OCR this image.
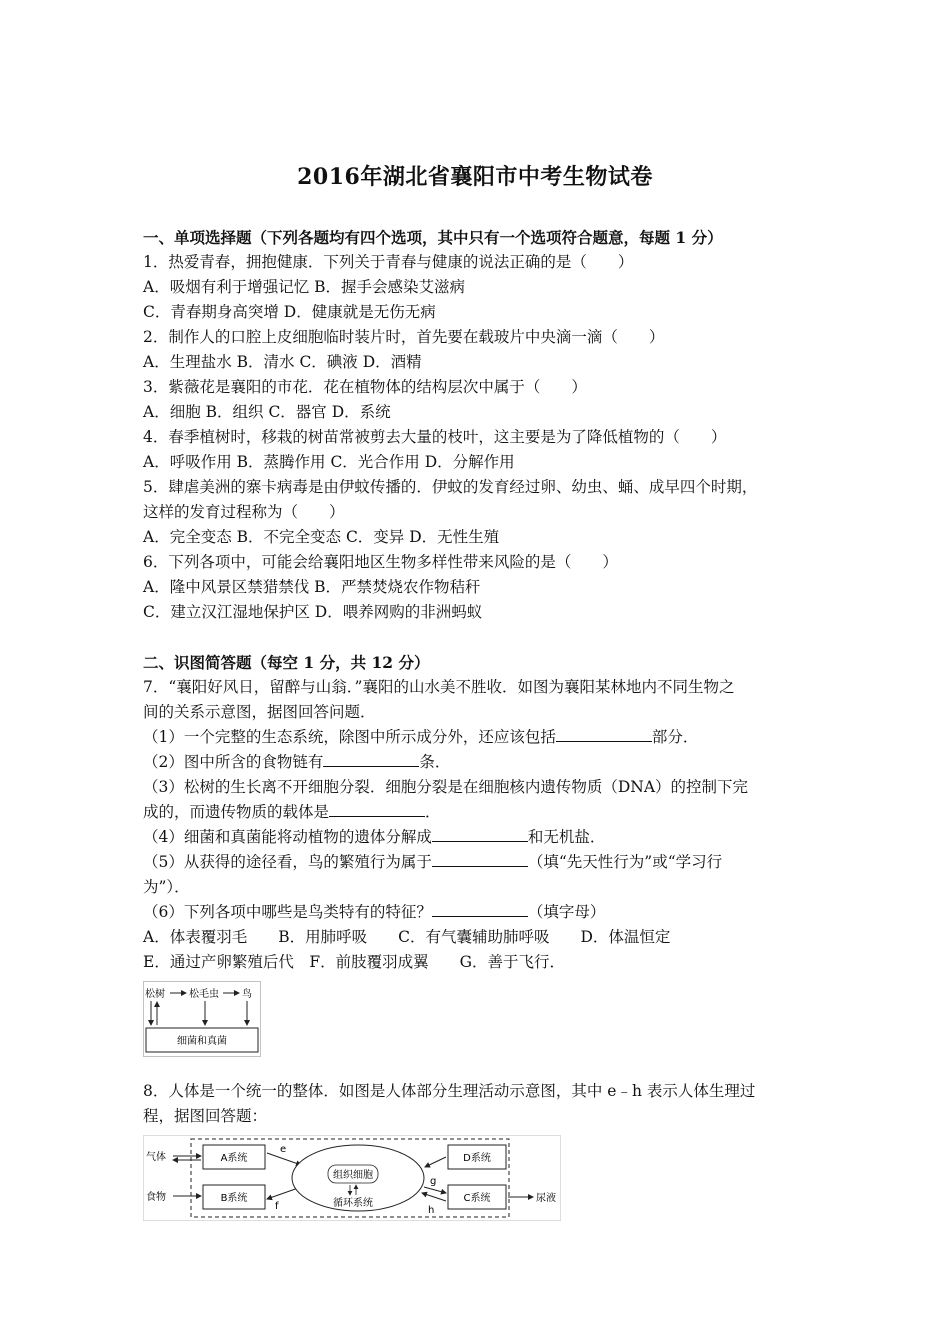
2016年湖北省襄阳市中考生物试卷
一、单项选择题（下列各题均有四个选项，其中只有一个选项符合题意，每题 1 分）
1．热爱青春，拥抱健康．下列关于青春与健康的说法正确的是（　　）
A．吸烟有利于增强记忆 B．握手会感染艾滋病
C．青春期身高突增 D．健康就是无伤无病
2．制作人的口腔上皮细胞临时装片时，首先要在载玻片中央滴一滴（　　）
A．生理盐水 B．清水 C．碘液 D．酒精
3．紫薇花是襄阳的市花．花在植物体的结构层次中属于（　　）
A．细胞 B．组织 C．器官 D．系统
4．春季植树时，移栽的树苗常被剪去大量的枝叶，这主要是为了降低植物的（　　）
A．呼吸作用 B．蒸腾作用 C．光合作用 D．分解作用
5．肆虐美洲的寨卡病毒是由伊蚊传播的．伊蚊的发育经过卵、幼虫、蛹、成早四个时期，
这样的发育过程称为（　　）
A．完全变态 B．不完全变态 C．变异 D．无性生殖
6．下列各项中，可能会给襄阳地区生物多样性带来风险的是（　　）
A．隆中风景区禁猎禁伐 B．严禁焚烧农作物秸秆
C．建立汉江湿地保护区 D．喂养网购的非洲蚂蚁
二、识图简答题（每空 1 分，共 12 分）
7．“襄阳好风日，留醉与山翁．”襄阳的山水美不胜收．如图为襄阳某林地内不同生物之
间的关系示意图，据图回答问题．
（1）一个完整的生态系统，除图中所示成分外，还应该包括	部分．
（2）图中所含的食物链有	条．
（3）松树的生长离不开细胞分裂．细胞分裂是在细胞核内遗传物质（DNA）的控制下完
成的，而遗传物质的载体是	．
（4）细菌和真菌能将动植物的遗体分解成	和无机盐．
（5）从获得的途径看，鸟的繁殖行为属于	（填“先天性行为”或“学习行
为”）．
（6）下列各项中哪些是鸟类特有的特征？	（填字母）
A．体表覆羽毛　　B．用肺呼吸　　C．有气囊辅助肺呼吸　　D．体温恒定
E．通过产卵繁殖后代　F．前肢覆羽成翼　　G．善于飞行．
松树 松毛虫 鸟
细菌和真菌
8．人体是一个统一的整体．如图是人体部分生理活动示意图，其中 e﹣h 表示人体生理过
程，据图回答题：
气体
食物
A系统
B系统
e
f
组织细胞
循环系统
D系统
C系统
g
h
尿液
